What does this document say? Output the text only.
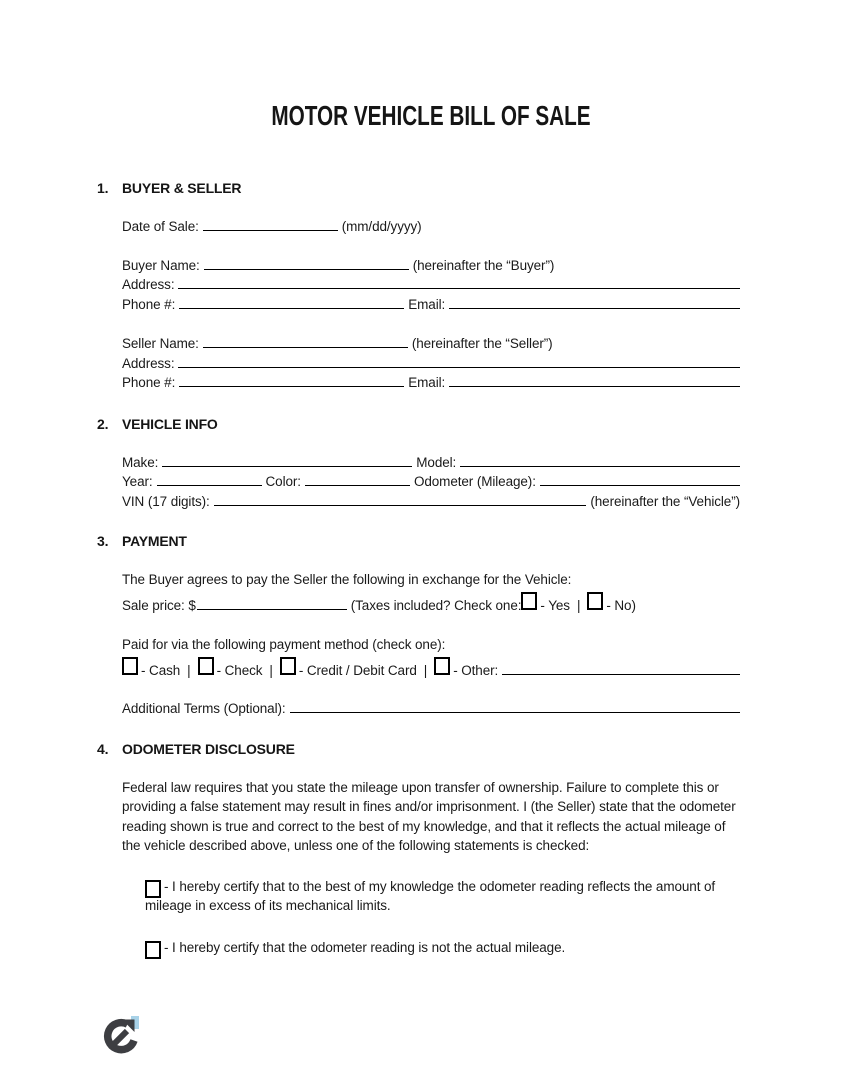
MOTOR VEHICLE BILL OF SALE
1. BUYER & SELLER
Date of Sale:	(mm/dd/yyyy)
Buyer Name:	(hereinafter the “Buyer”)
Address:
Phone #:	Email:
Seller Name:	(hereinafter the “Seller”)
Address:
Phone #:	Email:
2. VEHICLE INFO
Make:	Model:
Year:	Color:	Odometer (Mileage):
VIN (17 digits):	(hereinafter the “Vehicle”)
3. PAYMENT
The Buyer agrees to pay the Seller the following in exchange for the Vehicle:
Sale price: $	(Taxes included? Check one: - Yes |	- No)
Paid for via the following payment method (check one):
- Cash |	- Check |	- Credit / Debit Card |	- Other:
Additional Terms (Optional):
4. ODOMETER DISCLOSURE
Federal law requires that you state the mileage upon transfer of ownership. Failure to complete this or providing a false statement may result in fines and/or imprisonment. I (the Seller) state that the odometer reading shown is true and correct to the best of my knowledge, and that it reflects the actual mileage of the vehicle described above, unless one of the following statements is checked:
- I hereby certify that to the best of my knowledge the odometer reading reflects the amount of mileage in excess of its mechanical limits.
- I hereby certify that the odometer reading is not the actual mileage.
